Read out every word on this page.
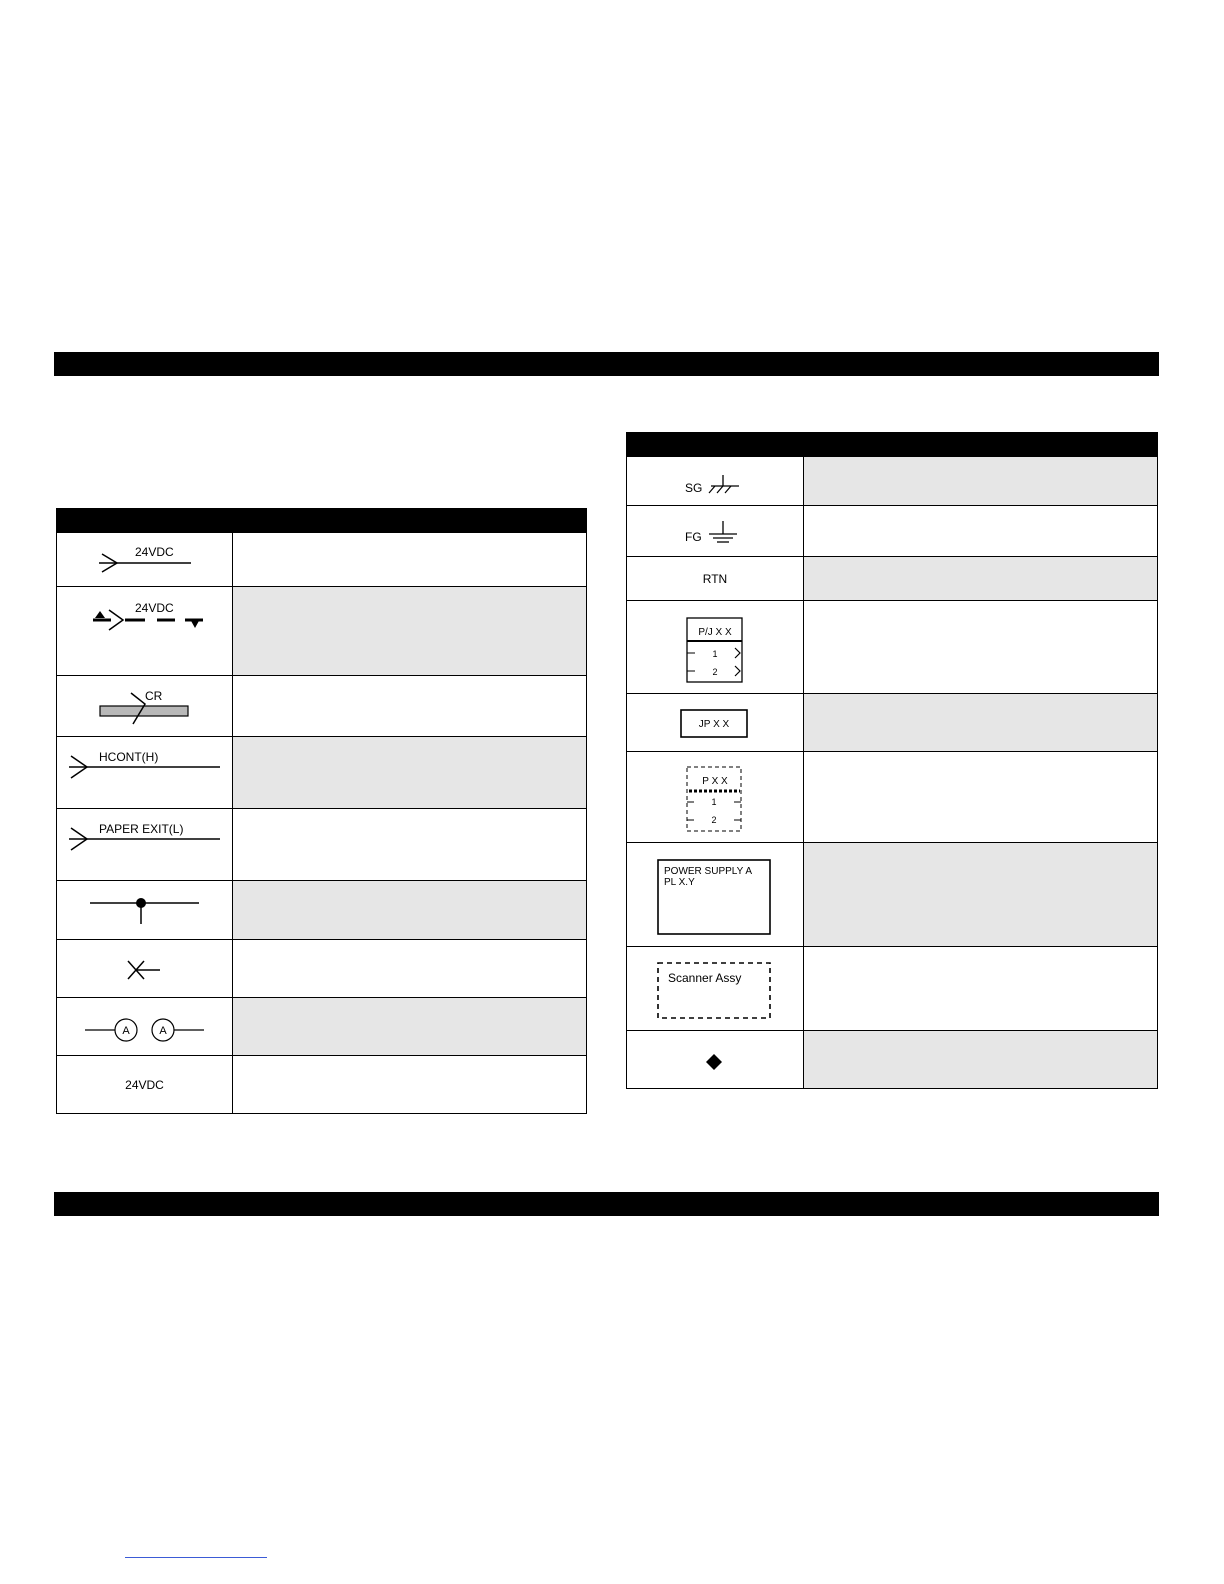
24VDC	

24VDC	

CR	

HCONT(H)	

PAPER EXIT(L)	

A A	

24VDC	

SG	

FG	

RTN	

P/J X X
1
2	

JP X X	

P X X
1
2	

POWER SUPPLY A
PL X.Y	

Scanner Assy	
